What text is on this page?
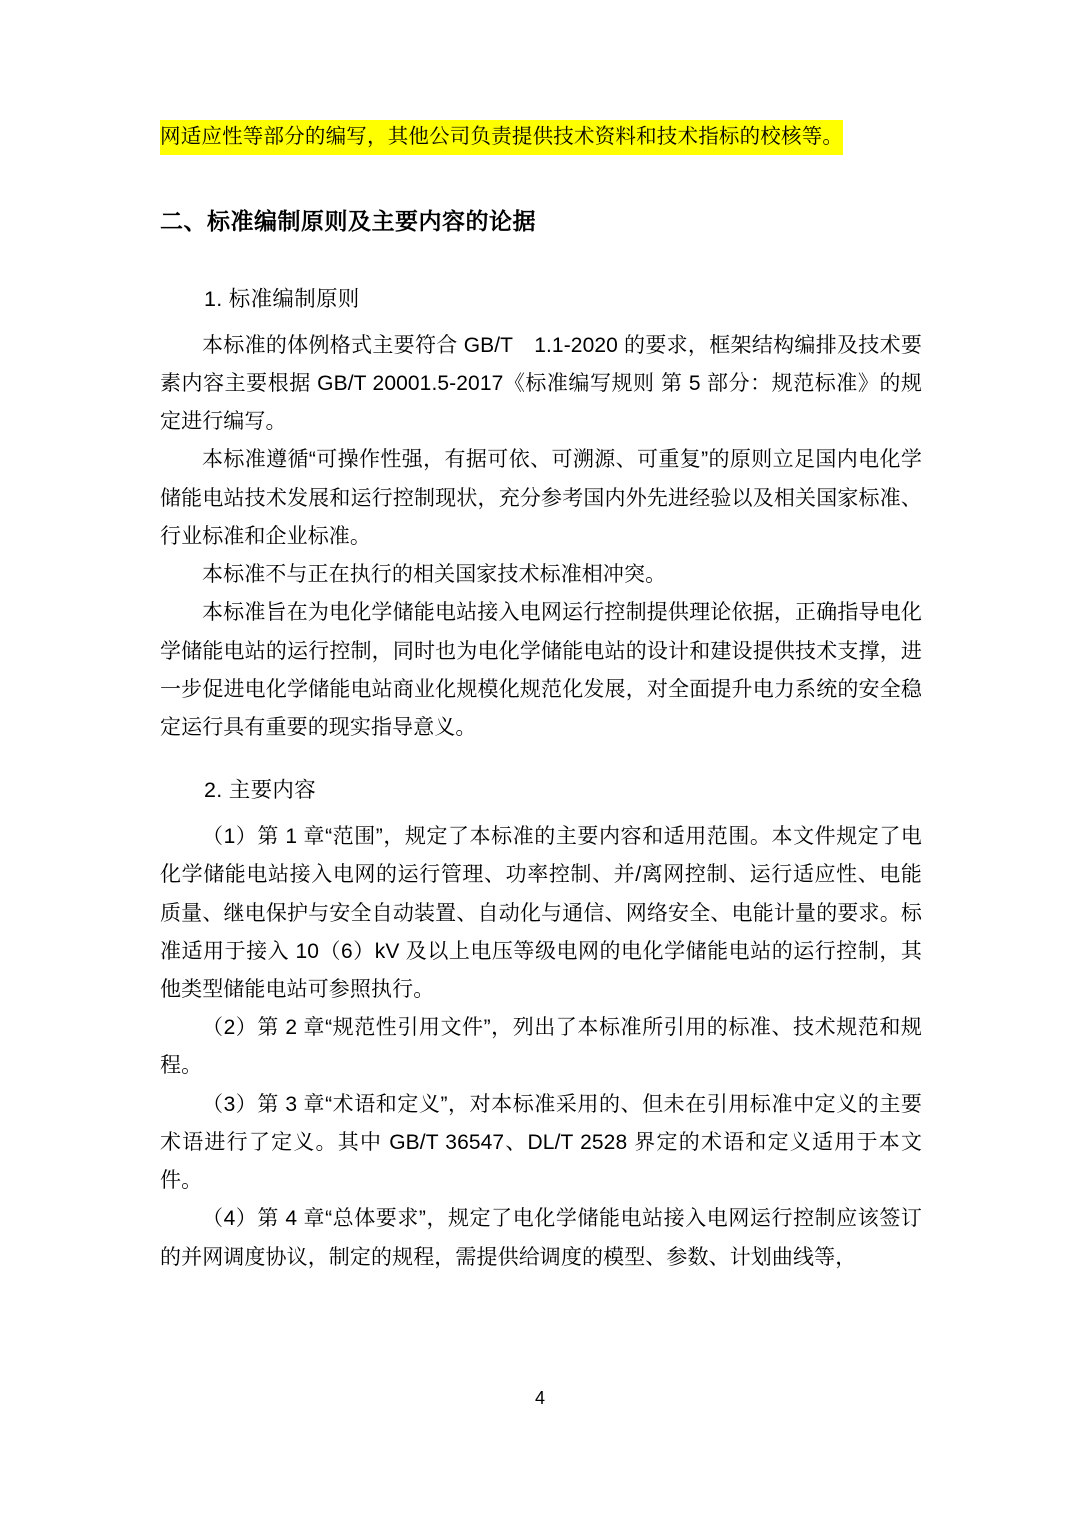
网适应性等部分的编写，其他公司负责提供技术资料和技术指标的校核等。
二、标准编制原则及主要内容的论据
1. 标准编制原则

本标准的体例格式主要符合 GB/T　1.1-2020 的要求，框架结构编排及技术要素内容主要根据 GB/T 20001.5-2017《标准编写规则 第 5 部分：规范标准》的规定进行编写。

本标准遵循“可操作性强，有据可依、可溯源、可重复”的原则立足国内电化学储能电站技术发展和运行控制现状，充分参考国内外先进经验以及相关国家标准、行业标准和企业标准。

本标准不与正在执行的相关国家技术标准相冲突。

本标准旨在为电化学储能电站接入电网运行控制提供理论依据，正确指导电化学储能电站的运行控制，同时也为电化学储能电站的设计和建设提供技术支撑，进一步促进电化学储能电站商业化规模化规范化发展，对全面提升电力系统的安全稳定运行具有重要的现实指导意义。

2. 主要内容

（1）第 1 章“范围”，规定了本标准的主要内容和适用范围。本文件规定了电化学储能电站接入电网的运行管理、功率控制、并/离网控制、运行适应性、电能质量、继电保护与安全自动装置、自动化与通信、网络安全、电能计量的要求。标准适用于接入 10（6）kV 及以上电压等级电网的电化学储能电站的运行控制，其他类型储能电站可参照执行。

（2）第 2 章“规范性引用文件”，列出了本标准所引用的标准、技术规范和规程。

（3）第 3 章“术语和定义”，对本标准采用的、但未在引用标准中定义的主要术语进行了定义。其中 GB/T 36547、DL/T 2528 界定的术语和定义适用于本文件。

（4）第 4 章“总体要求”，规定了电化学储能电站接入电网运行控制应该签订的并网调度协议，制定的规程，需提供给调度的模型、参数、计划曲线等，

4
